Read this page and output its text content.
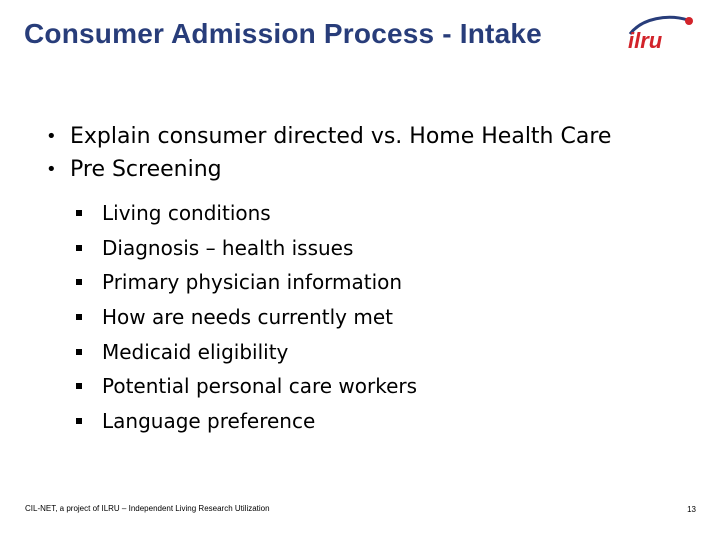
Consumer Admission Process - Intake	ilru
• Explain consumer directed vs. Home Health Care
• Pre Screening
Living conditions
Diagnosis – health issues
Primary physician information
How are needs currently met
Medicaid eligibility
Potential personal care workers
Language preference
CIL-NET, a project of ILRU – Independent Living Research Utilization	13
